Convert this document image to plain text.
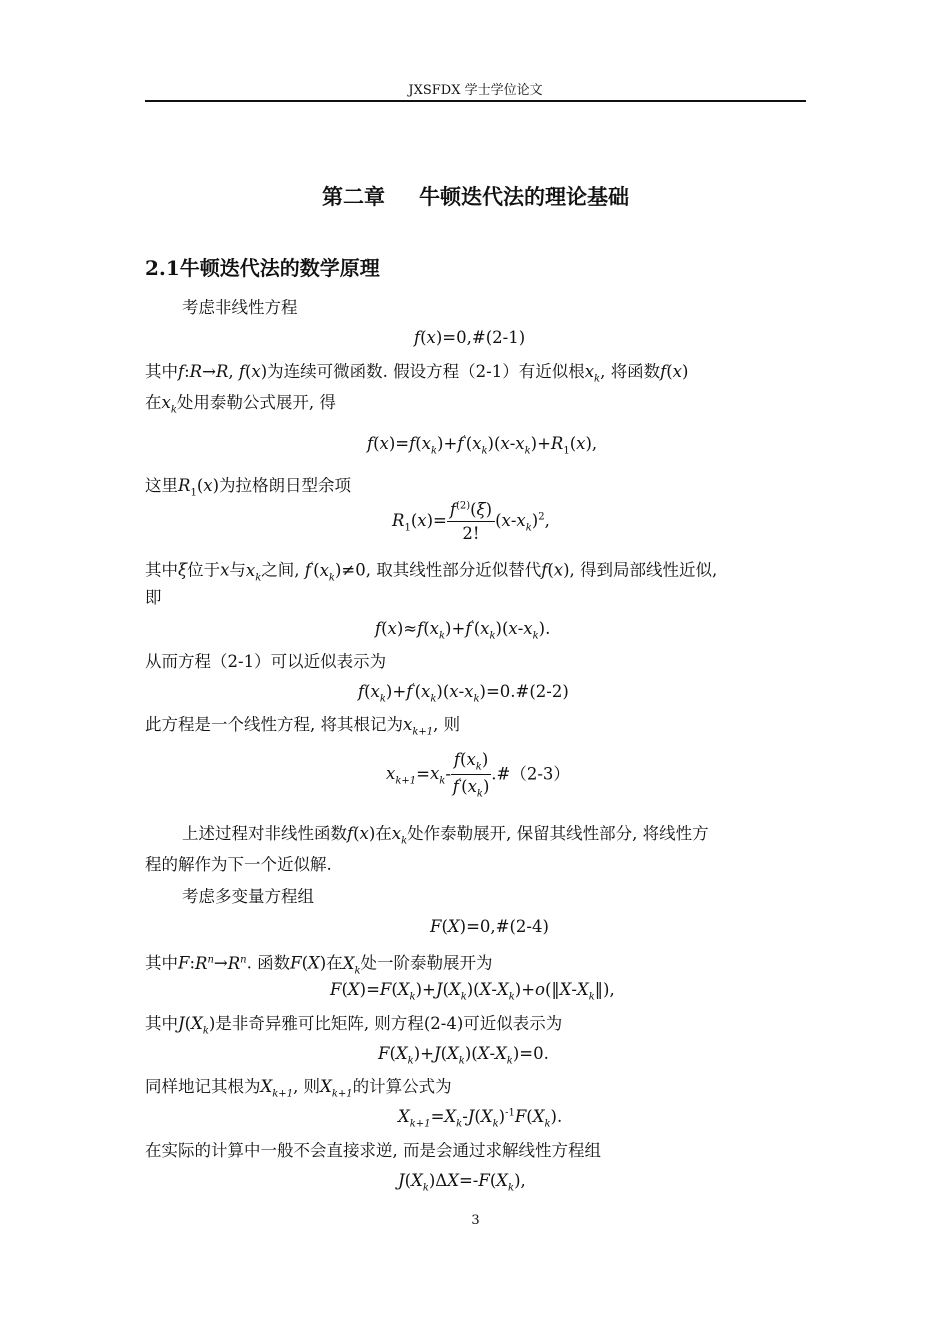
JXSFDX 学士学位论文
第二章 牛顿迭代法的理论基础
2.1牛顿迭代法的数学原理
考虑非线性方程
f(x)=0,#(2-1)
其中f:R→R, f(x)为连续可微函数. 假设方程（2-1）有近似根$x_k$, 将函数f(x)
在$x_k$处用泰勒公式展开, 得
$f(x)=f(x_k)+f'(x_k)(x-x_k)+R_1(x)$,
这里$R_1(x)$为拉格朗日型余项
$R_1(x)= \frac{f^{(2)}(\xi)}{2!} (x-x_k)^2$,
其中ξ位于x与$x_k$之间, $f'(x_k)\ne 0$, 取其线性部分近似替代f(x), 得到局部线性近似,
即
$f(x)\approx f(x_k)+f'(x_k)(x-x_k)$.
从而方程（2-1）可以近似表示为
$f(x_k)+f'(x_k)(x-x_k)=0.\#(2-2)$
此方程是一个线性方程, 将其根记为$x_{k+1}$, 则
$x_{k+1}=x_k- \frac{f(x_k)}{f'(x_k)}$ .#（2-3）
上述过程对非线性函数f(x)在$x_k$处作泰勒展开, 保留其线性部分, 将线性方
程的解作为下一个近似解.
考虑多变量方程组
F(X)=0,#(2-4)
其中$F:R^n\to R^n$. 函数F(X)在$X_k$处一阶泰勒展开为
$F(X)=F(X_k)+J(X_k)(X-X_k)+o(‖X-X_k‖)$,
其中$J(X_k)$是非奇异雅可比矩阵, 则方程(2-4)可近似表示为
$F(X_k)+J(X_k)(X-X_k)=0$.
同样地记其根为$X_{k+1}$, 则$X_{k+1}$的计算公式为
$X_{k+1}=X_k-J(X_k)^{-1}F(X_k)$.
在实际的计算中一般不会直接求逆, 而是会通过求解线性方程组
$J(X_k)\Delta X=-F(X_k)$,
3
